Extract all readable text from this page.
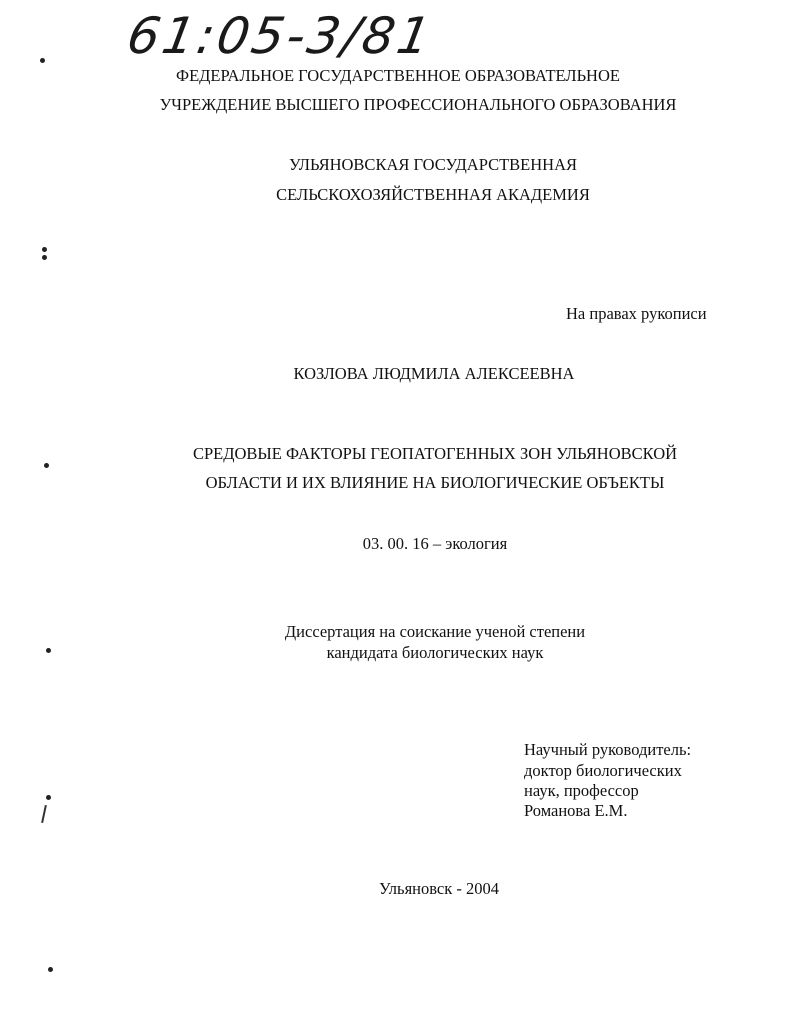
61:05-3/81
ФЕДЕРАЛЬНОЕ ГОСУДАРСТВЕННОЕ ОБРАЗОВАТЕЛЬНОЕ
УЧРЕЖДЕНИЕ ВЫСШЕГО ПРОФЕССИОНАЛЬНОГО ОБРАЗОВАНИЯ
УЛЬЯНОВСКАЯ ГОСУДАРСТВЕННАЯ
СЕЛЬСКОХОЗЯЙСТВЕННАЯ АКАДЕМИЯ
На правах рукописи
КОЗЛОВА ЛЮДМИЛА АЛЕКСЕЕВНА
СРЕДОВЫЕ ФАКТОРЫ ГЕОПАТОГЕННЫХ ЗОН УЛЬЯНОВСКОЙ
ОБЛАСТИ И ИХ ВЛИЯНИЕ НА БИОЛОГИЧЕСКИЕ ОБЪЕКТЫ
03. 00. 16 – экология
Диссертация на соискание ученой степени
кандидата биологических наук
Научный руководитель:
доктор биологических
наук, профессор
Романова Е.М.
Ульяновск - 2004
